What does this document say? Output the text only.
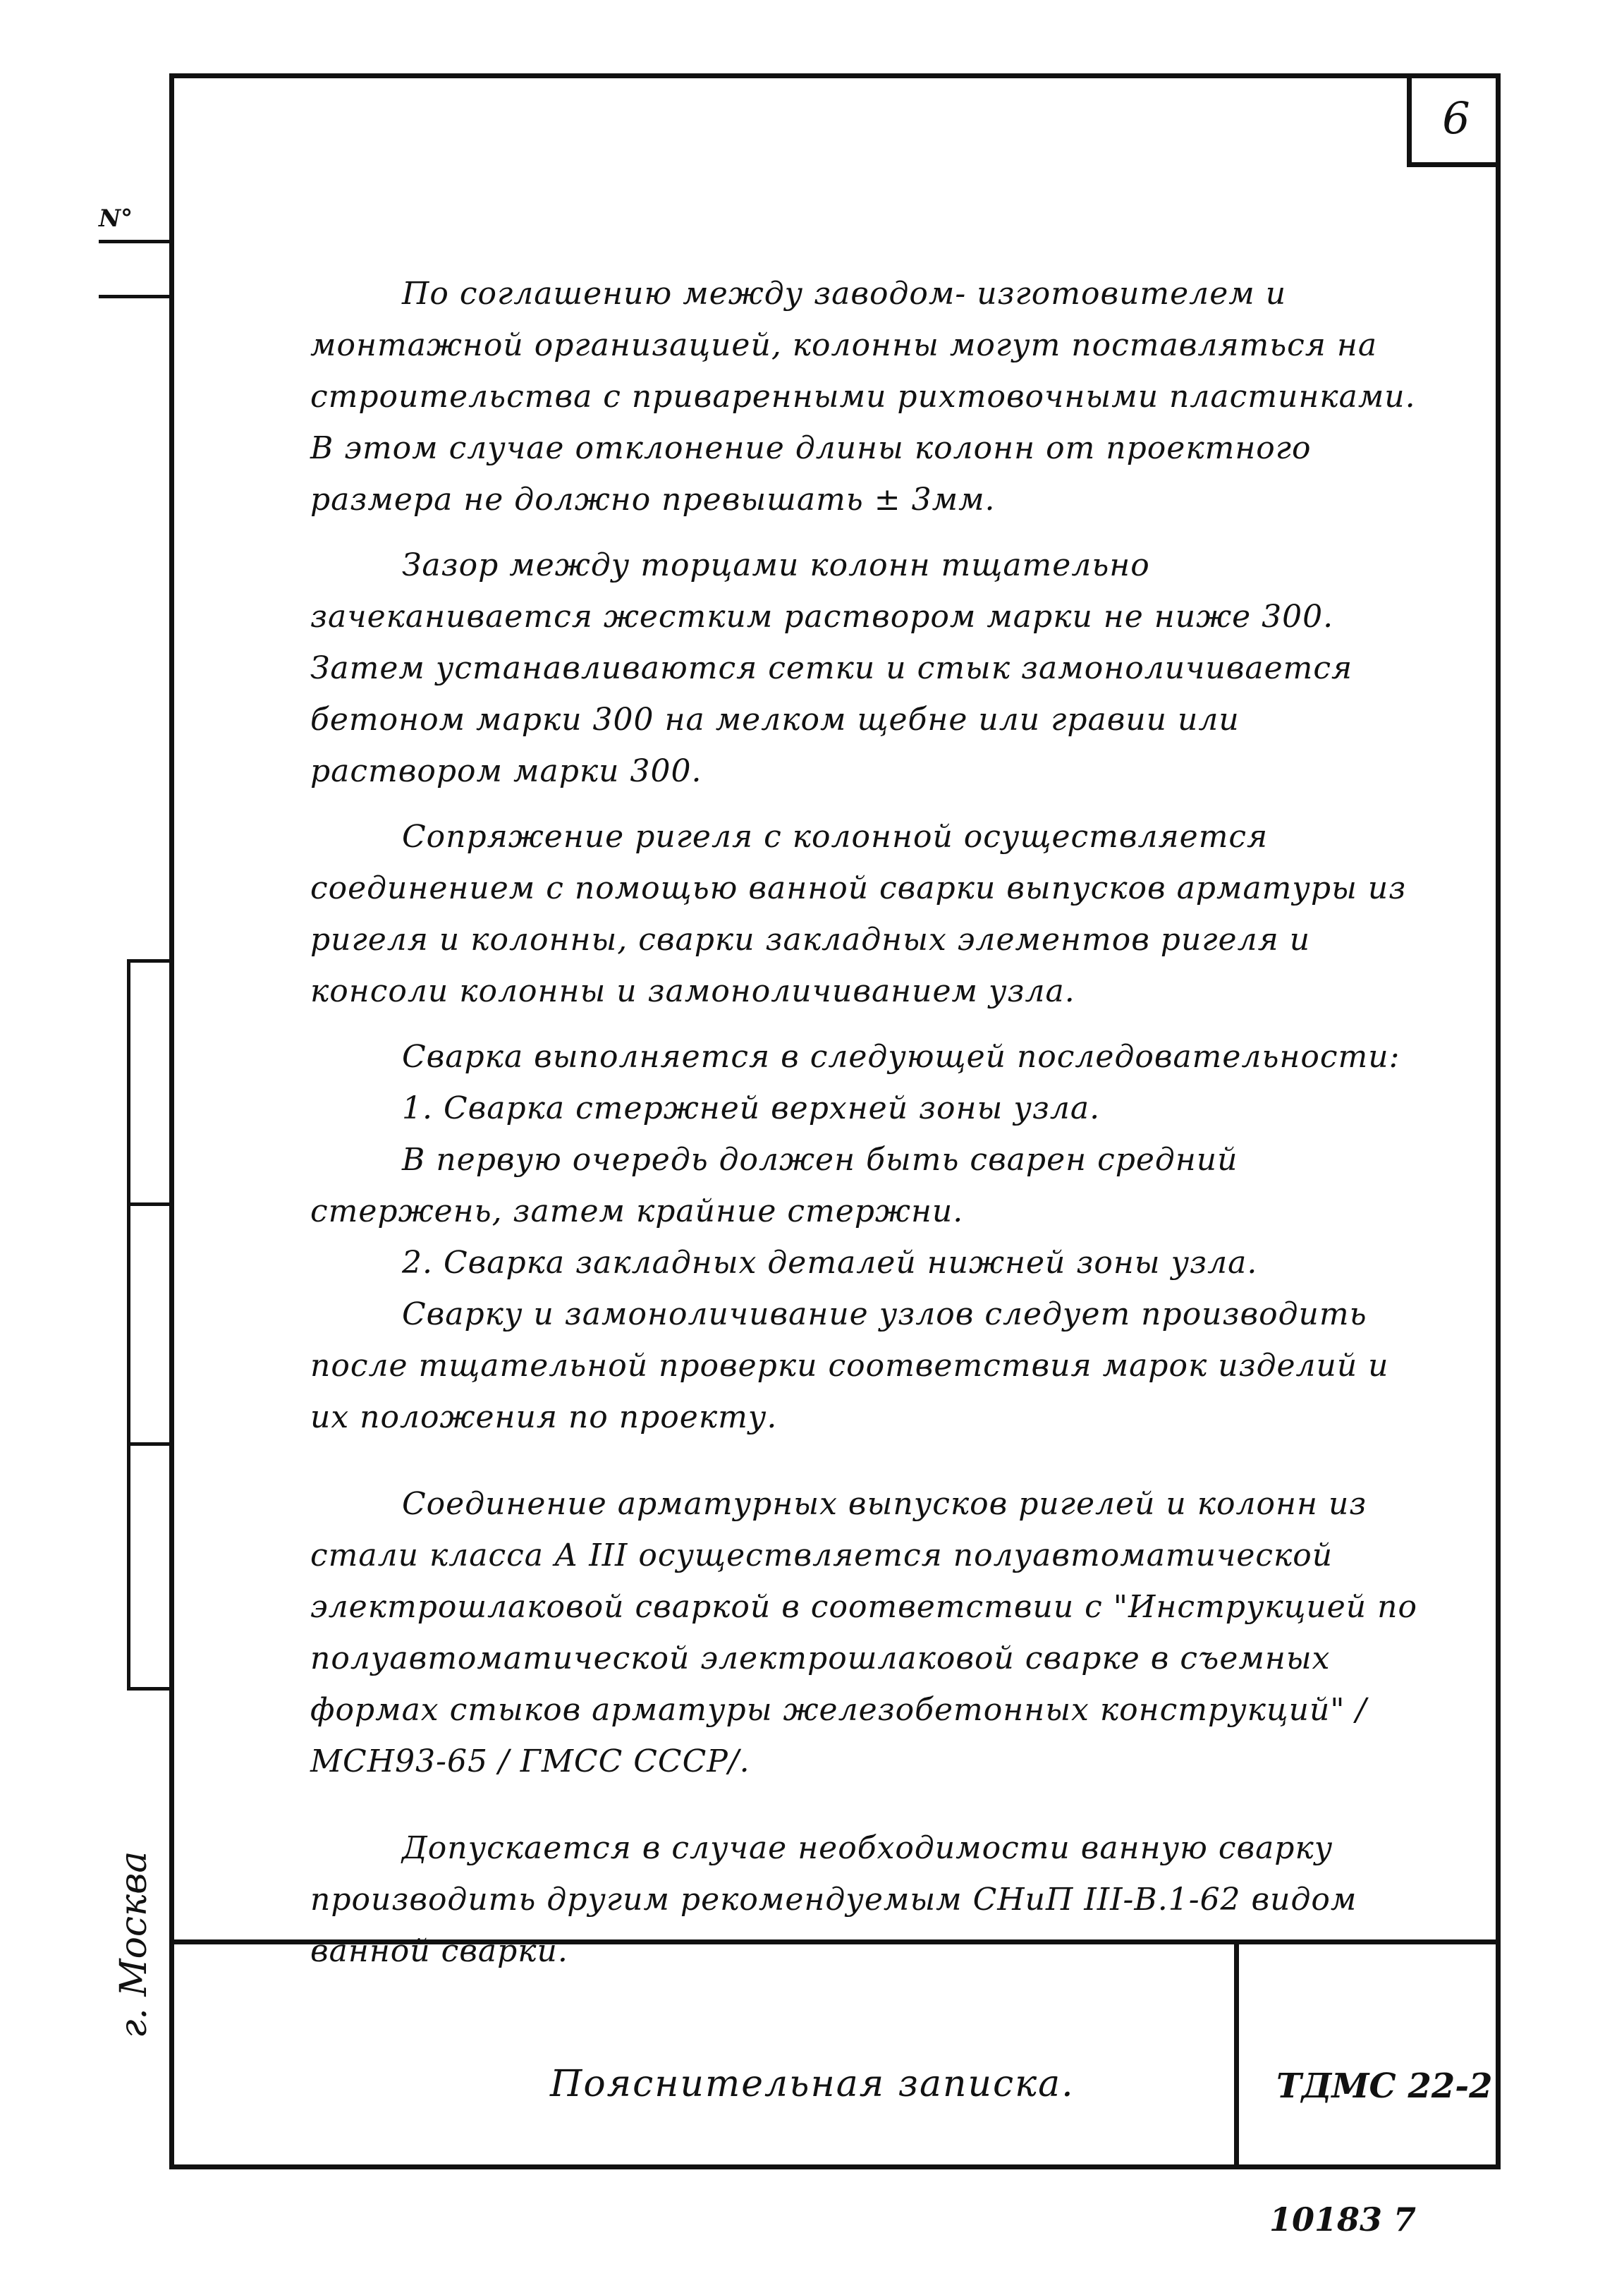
6
N°
г. Москва

По соглашению между заводом- изготовителем и монтажной организацией, колонны могут поставляться на строительства с приваренными рихтовочными пластинками. В этом случае отклонение длины колонн от проектного размера не должно превышать ± 3мм.

Зазор между торцами колонн тщательно зачеканивается жестким раствором марки не ниже 300. Затем устанавливаются сетки и стык замоноличивается бетоном марки 300 на мелком щебне или гравии или раствором марки 300.

Сопряжение ригеля с колонной осуществляется соединением с помощью ванной сварки выпусков арматуры из ригеля и колонны, сварки закладных элементов ригеля и консоли колонны и замоноличиванием узла.

Сварка выполняется в следующей последовательности:

1. Сварка стержней верхней зоны узла.

В первую очередь должен быть сварен средний стержень, затем крайние стержни.

2. Сварка закладных деталей нижней зоны узла.

Сварку и замоноличивание узлов следует производить после тщательной проверки соответствия марок изделий и их положения по проекту.

Соединение арматурных выпусков ригелей и колонн из стали класса А III осуществляется полуавтоматической электрошлаковой сваркой в соответствии с "Инструкцией по полуавтоматической электрошлаковой сварке в съемных формах стыков арматуры железобетонных конструкций" /МСН93-65 / ГМСС СССР/.

Допускается в случае необходимости ванную сварку производить другим рекомендуемым СНиП III-В.1-62 видом ванной сварки.

Пояснительная записка.	ТДМС 22-2
10183 7
